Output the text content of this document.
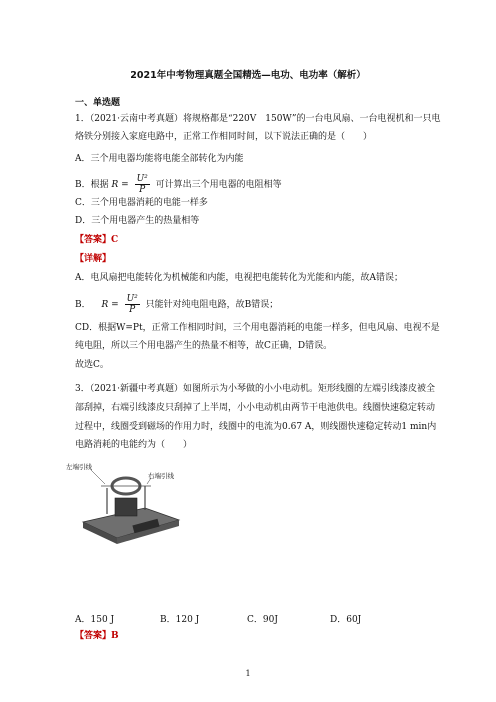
2021年中考物理真题全国精选—电功、电功率（解析）
一、单选题
1．（2021·云南中考真题）将规格都是“220V　150W”的一台电风扇、一台电视机和一只电
烙铁分别接入家庭电路中，正常工作相同时间，以下说法正确的是（　　）
A．三个用电器均能将电能全部转化为内能
B．根据 $R = \frac{\text{U²}}{P}$ 可计算出三个用电器的电阻相等
C．三个用电器消耗的电能一样多
D．三个用电器产生的热量相等
【答案】C
【详解】
A．电风扇把电能转化为机械能和内能，电视把电能转化为光能和内能，故A错误；
B． $R = \frac{\text{U²}}{P}$ 只能针对纯电阻电路，故B错误；
CD．根据W=Pt，正常工作相同时间，三个用电器消耗的电能一样多，但电风扇、电视不是
纯电阻，所以三个用电器产生的热量不相等，故C正确，D错误。
故选C。
3．（2021·新疆中考真题）如图所示为小琴做的小小电动机。矩形线圈的左端引线漆皮被全
部刮掉，右端引线漆皮只刮掉了上半周，小小电动机由两节干电池供电。线圈快速稳定转动
过程中，线圈受到磁场的作用力时，线圈中的电流为0.67 A，则线圈快速稳定转动1 min内
电路消耗的电能约为（　　）
左端引线
右端引线
A．150 J	B．120 J	C．90J	D．60J
【答案】B
1
